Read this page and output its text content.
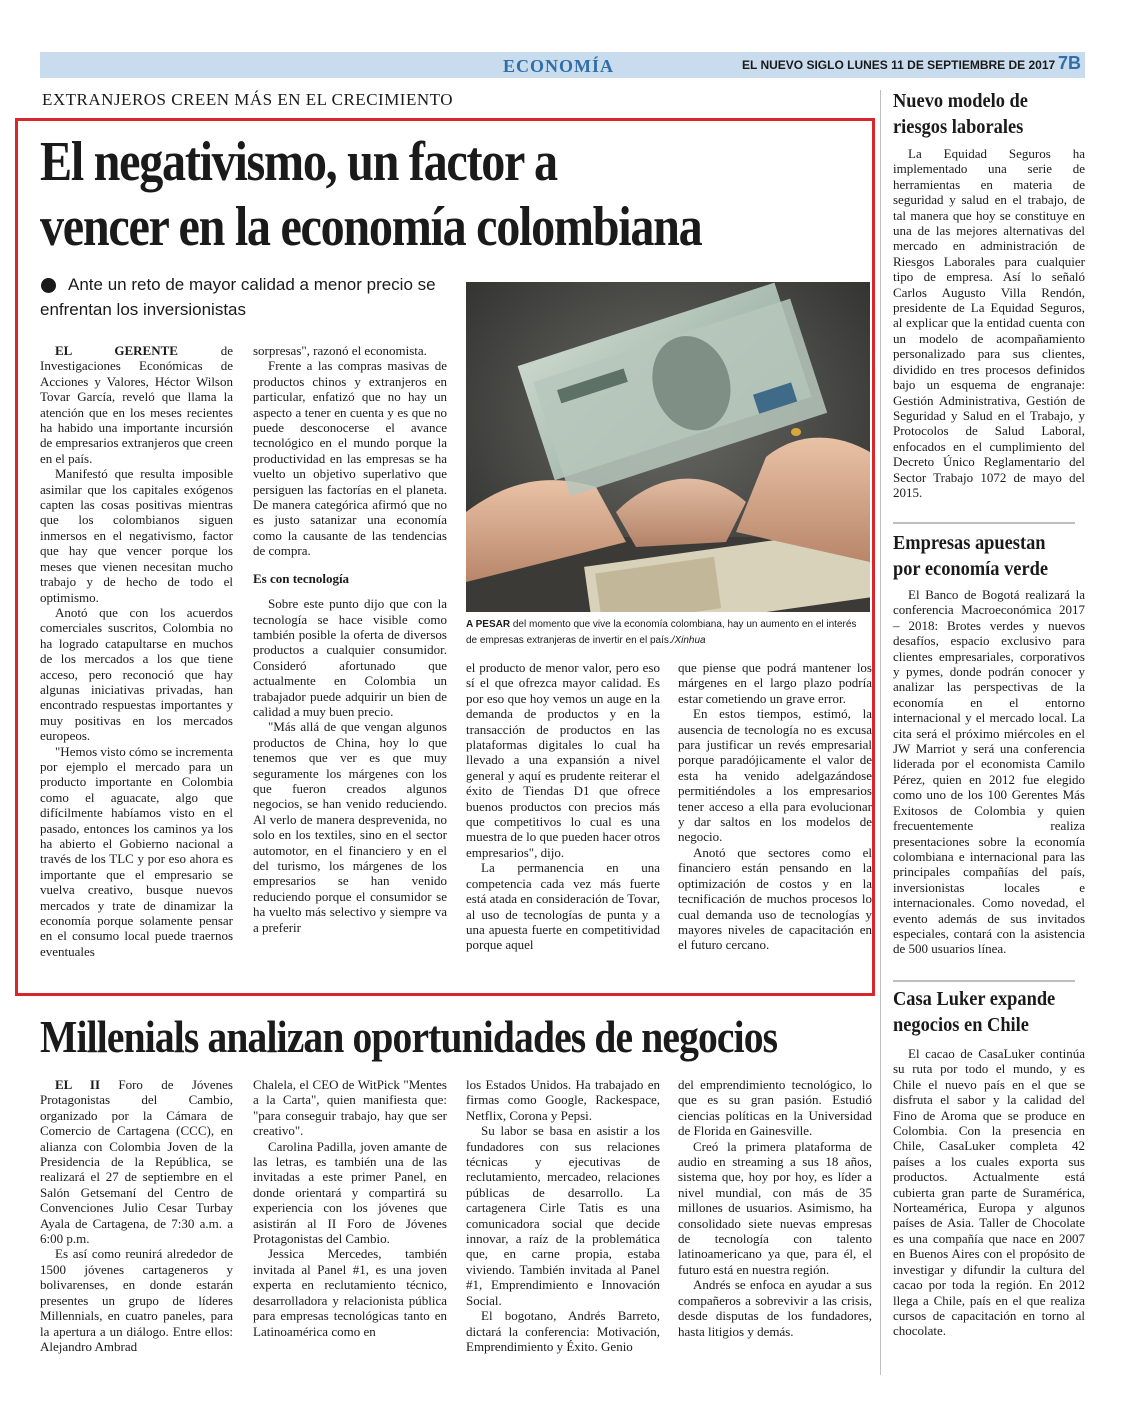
ECONOMÍA	EL NUEVO SIGLO LUNES 11 DE SEPTIEMBRE DE 2017 7B
EXTRANJEROS CREEN MÁS EN EL CRECIMIENTO
El negativismo, un factor a
vencer en la economía colombiana
Ante un reto de mayor calidad a menor precio se enfrentan los inversionistas
A PESAR del momento que vive la economía colombiana, hay un aumento en el interés de empresas extranjeras de invertir en el país./Xinhua

EL GERENTE de Investigaciones Económicas de Acciones y Valores, Héctor Wilson Tovar García, reveló que llama la atención que en los meses recientes ha habido una importante incursión de empresarios extranjeros que creen en el país.

Manifestó que resulta imposible asimilar que los capitales exógenos capten las cosas positivas mientras que los colombianos siguen inmersos en el negativismo, factor que hay que vencer porque los meses que vienen necesitan mucho trabajo y de hecho de todo el optimismo.

Anotó que con los acuerdos comerciales suscritos, Colombia no ha logrado catapultarse en muchos de los mercados a los que tiene acceso, pero reconoció que hay algunas iniciativas privadas, han encontrado respuestas importantes y muy positivas en los mercados europeos.

"Hemos visto cómo se incrementa por ejemplo el mercado para un producto importante en Colombia como el aguacate, algo que difícilmente habíamos visto en el pasado, entonces los caminos ya los ha abierto el Gobierno nacional a través de los TLC y por eso ahora es importante que el empresario se vuelva creativo, busque nuevos mercados y trate de dinamizar la economía porque solamente pensar en el consumo local puede traernos eventuales

sorpresas", razonó el economista.

Frente a las compras masivas de productos chinos y extranjeros en particular, enfatizó que no hay un aspecto a tener en cuenta y es que no puede desconocerse el avance tecnológico en el mundo porque la productividad en las empresas se ha vuelto un objetivo superlativo que persiguen las factorías en el planeta. De manera categórica afirmó que no es justo satanizar una economía como la causante de las tendencias de compra.

Es con tecnología

Sobre este punto dijo que con la tecnología se hace visible como también posible la oferta de diversos productos a cualquier consumidor. Consideró afortunado que actualmente en Colombia un trabajador puede adquirir un bien de calidad a muy buen precio.

"Más allá de que vengan algunos productos de China, hoy lo que tenemos que ver es que muy seguramente los márgenes con los que fueron creados algunos negocios, se han venido reduciendo. Al verlo de manera desprevenida, no solo en los textiles, sino en el sector automotor, en el financiero y en el del turismo, los márgenes de los empresarios se han venido reduciendo porque el consumidor se ha vuelto más selectivo y siempre va a preferir

el producto de menor valor, pero eso sí el que ofrezca mayor calidad. Es por eso que hoy vemos un auge en la demanda de productos y en la transacción de productos en las plataformas digitales lo cual ha llevado a una expansión a nivel general y aquí es prudente reiterar el éxito de Tiendas D1 que ofrece buenos productos con precios más que competitivos lo cual es una muestra de lo que pueden hacer otros empresarios", dijo.

La permanencia en una competencia cada vez más fuerte está atada en consideración de Tovar, al uso de tecnologías de punta y a una apuesta fuerte en competitividad porque aquel

que piense que podrá mantener los márgenes en el largo plazo podría estar cometiendo un grave error.

En estos tiempos, estimó, la ausencia de tecnología no es excusa para justificar un revés empresarial porque paradójicamente el valor de esta ha venido adelgazándose permitiéndoles a los empresarios tener acceso a ella para evolucionar y dar saltos en los modelos de negocio.

Anotó que sectores como el financiero están pensando en la optimización de costos y en la tecnificación de muchos procesos lo cual demanda uso de tecnologías y mayores niveles de capacitación en el futuro cercano.

Millenials analizan oportunidades de negocios

EL II Foro de Jóvenes Protagonistas del Cambio, organizado por la Cámara de Comercio de Cartagena (CCC), en alianza con Colombia Joven de la Presidencia de la República, se realizará el 27 de septiembre en el Salón Getsemaní del Centro de Convenciones Julio Cesar Turbay Ayala de Cartagena, de 7:30 a.m. a 6:00 p.m.

Es así como reunirá alrededor de 1500 jóvenes cartageneros y bolivarenses, en donde estarán presentes un grupo de líderes Millennials, en cuatro paneles, para la apertura a un diálogo. Entre ellos: Alejandro Ambrad

Chalela, el CEO de WitPick "Mentes a la Carta", quien manifiesta que: "para conseguir trabajo, hay que ser creativo".

Carolina Padilla, joven amante de las letras, es también una de las invitadas a este primer Panel, en donde orientará y compartirá su experiencia con los jóvenes que asistirán al II Foro de Jóvenes Protagonistas del Cambio.

Jessica Mercedes, también invitada al Panel #1, es una joven experta en reclutamiento técnico, desarrolladora y relacionista pública para empresas tecnológicas tanto en Latinoamérica como en

los Estados Unidos. Ha trabajado en firmas como Google, Rackespace, Netflix, Corona y Pepsi.

Su labor se basa en asistir a los fundadores con sus relaciones técnicas y ejecutivas de reclutamiento, mercadeo, relaciones públicas de desarrollo. La cartagenera Cirle Tatis es una comunicadora social que decide innovar, a raíz de la problemática que, en carne propia, estaba viviendo. También invitada al Panel #1, Emprendimiento e Innovación Social.

El bogotano, Andrés Barreto, dictará la conferencia: Motivación, Emprendimiento y Éxito. Genio

del emprendimiento tecnológico, lo que es su gran pasión. Estudió ciencias políticas en la Universidad de Florida en Gainesville.

Creó la primera plataforma de audio en streaming a sus 18 años, sistema que, hoy por hoy, es líder a nivel mundial, con más de 35 millones de usuarios. Asimismo, ha consolidado siete nuevas empresas de tecnología con talento latinoamericano ya que, para él, el futuro está en nuestra región.

Andrés se enfoca en ayudar a sus compañeros a sobrevivir a las crisis, desde disputas de los fundadores, hasta litigios y demás.

Nuevo modelo de riesgos laborales

La Equidad Seguros ha implementado una serie de herramientas en materia de seguridad y salud en el trabajo, de tal manera que hoy se constituye en una de las mejores alternativas del mercado en administración de Riesgos Laborales para cualquier tipo de empresa. Así lo señaló Carlos Augusto Villa Rendón, presidente de La Equidad Seguros, al explicar que la entidad cuenta con un modelo de acompañamiento personalizado para sus clientes, dividido en tres procesos definidos bajo un esquema de engranaje: Gestión Administrativa, Gestión de Seguridad y Salud en el Trabajo, y Protocolos de Salud Laboral, enfocados en el cumplimiento del Decreto Único Reglamentario del Sector Trabajo 1072 de mayo del 2015.

Empresas apuestan por economía verde

El Banco de Bogotá realizará la conferencia Macroeconómica 2017 – 2018: Brotes verdes y nuevos desafíos, espacio exclusivo para clientes empresariales, corporativos y pymes, donde podrán conocer y analizar las perspectivas de la economía en el entorno internacional y el mercado local. La cita será el próximo miércoles en el JW Marriot y será una conferencia liderada por el economista Camilo Pérez, quien en 2012 fue elegido como uno de los 100 Gerentes Más Exitosos de Colombia y quien frecuentemente realiza presentaciones sobre la economía colombiana e internacional para las principales compañías del país, inversionistas locales e internacionales. Como novedad, el evento además de sus invitados especiales, contará con la asistencia de 500 usuarios línea.

Casa Luker expande negocios en Chile

El cacao de CasaLuker continúa su ruta por todo el mundo, y es Chile el nuevo país en el que se disfruta el sabor y la calidad del Fino de Aroma que se produce en Colombia. Con la presencia en Chile, CasaLuker completa 42 países a los cuales exporta sus productos. Actualmente está cubierta gran parte de Suramérica, Norteamérica, Europa y algunos países de Asia. Taller de Chocolate es una compañía que nace en 2007 en Buenos Aires con el propósito de investigar y difundir la cultura del cacao por toda la región. En 2012 llega a Chile, país en el que realiza cursos de capacitación en torno al chocolate.
